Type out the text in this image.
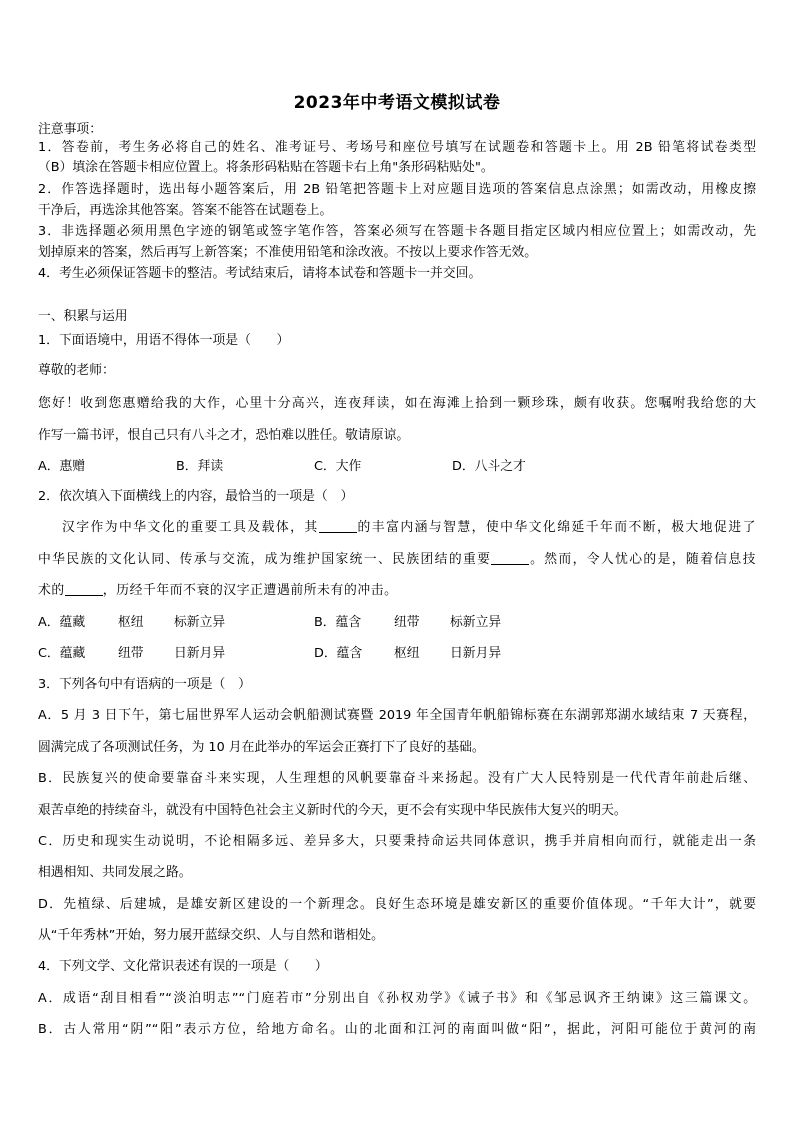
2023年中考语文模拟试卷
注意事项：
1．答卷前，考生务必将自己的姓名、准考证号、考场号和座位号填写在试题卷和答题卡上。用 2B 铅笔将试卷类型
（B）填涂在答题卡相应位置上。将条形码粘贴在答题卡右上角"条形码粘贴处"。
2．作答选择题时，选出每小题答案后，用 2B 铅笔把答题卡上对应题目选项的答案信息点涂黑；如需改动，用橡皮擦
干净后，再选涂其他答案。答案不能答在试题卷上。
3．非选择题必须用黑色字迹的钢笔或签字笔作答，答案必须写在答题卡各题目指定区域内相应位置上；如需改动，先
划掉原来的答案，然后再写上新答案；不准使用铅笔和涂改液。不按以上要求作答无效。
4．考生必须保证答题卡的整洁。考试结束后，请将本试卷和答题卡一并交回。
一、积累与运用
1．下面语境中，用语不得体一项是（　　）
尊敬的老师：
您好！收到您惠赠给我的大作，心里十分高兴，连夜拜读，如在海滩上拾到一颗珍珠，颇有收获。您嘱咐我给您的大
作写一篇书评，恨自己只有八斗之才，恐怕难以胜任。敬请原谅。
A．惠赠	B．拜读	C．大作	D．八斗之才
2．依次填入下面横线上的内容，最恰当的一项是（　）
汉字作为中华文化的重要工具及载体，其	的丰富内涵与智慧，使中华文化绵延千年而不断，极大地促进了
中华民族的文化认同、传承与交流，成为维护国家统一、民族团结的重要	。然而，令人忧心的是，随着信息技
术的	，历经千年而不衰的汉字正遭遇前所未有的冲击。
A．蕴藏	枢纽 标新立异	B．蕴含	纽带 标新立异
C．蕴藏	纽带 日新月异	D．蕴含 枢纽 日新月异
3．下列各句中有语病的一项是（　）
A．5 月 3 日下午，第七届世界军人运动会帆船测试赛暨 2019 年全国青年帆船锦标赛在东湖郭郑湖水域结束 7 天赛程，
圆满完成了各项测试任务，为 10 月在此举办的军运会正赛打下了良好的基础。
B．民族复兴的使命要靠奋斗来实现，人生理想的风帆要靠奋斗来扬起。没有广大人民特别是一代代青年前赴后继、
艰苦卓绝的持续奋斗，就没有中国特色社会主义新时代的今天，更不会有实现中华民族伟大复兴的明天。
C．历史和现实生动说明，不论相隔多远、差异多大，只要秉持命运共同体意识，携手并肩相向而行，就能走出一条
相遇相知、共同发展之路。
D．先植绿、后建城，是雄安新区建设的一个新理念。良好生态环境是雄安新区的重要价值体现。“千年大计”，就要
从“千年秀林”开始，努力展开蓝绿交织、人与自然和谐相处。
4．下列文学、文化常识表述有误的一项是（　　）
A．成语“刮目相看”“淡泊明志”“门庭若市”分别出自《孙权劝学》《诫子书》和《邹忌讽齐王纳谏》这三篇课文。
B．古人常用“阴”“阳”表示方位，给地方命名。山的北面和江河的南面叫做“阳”，据此，河阳可能位于黄河的南
